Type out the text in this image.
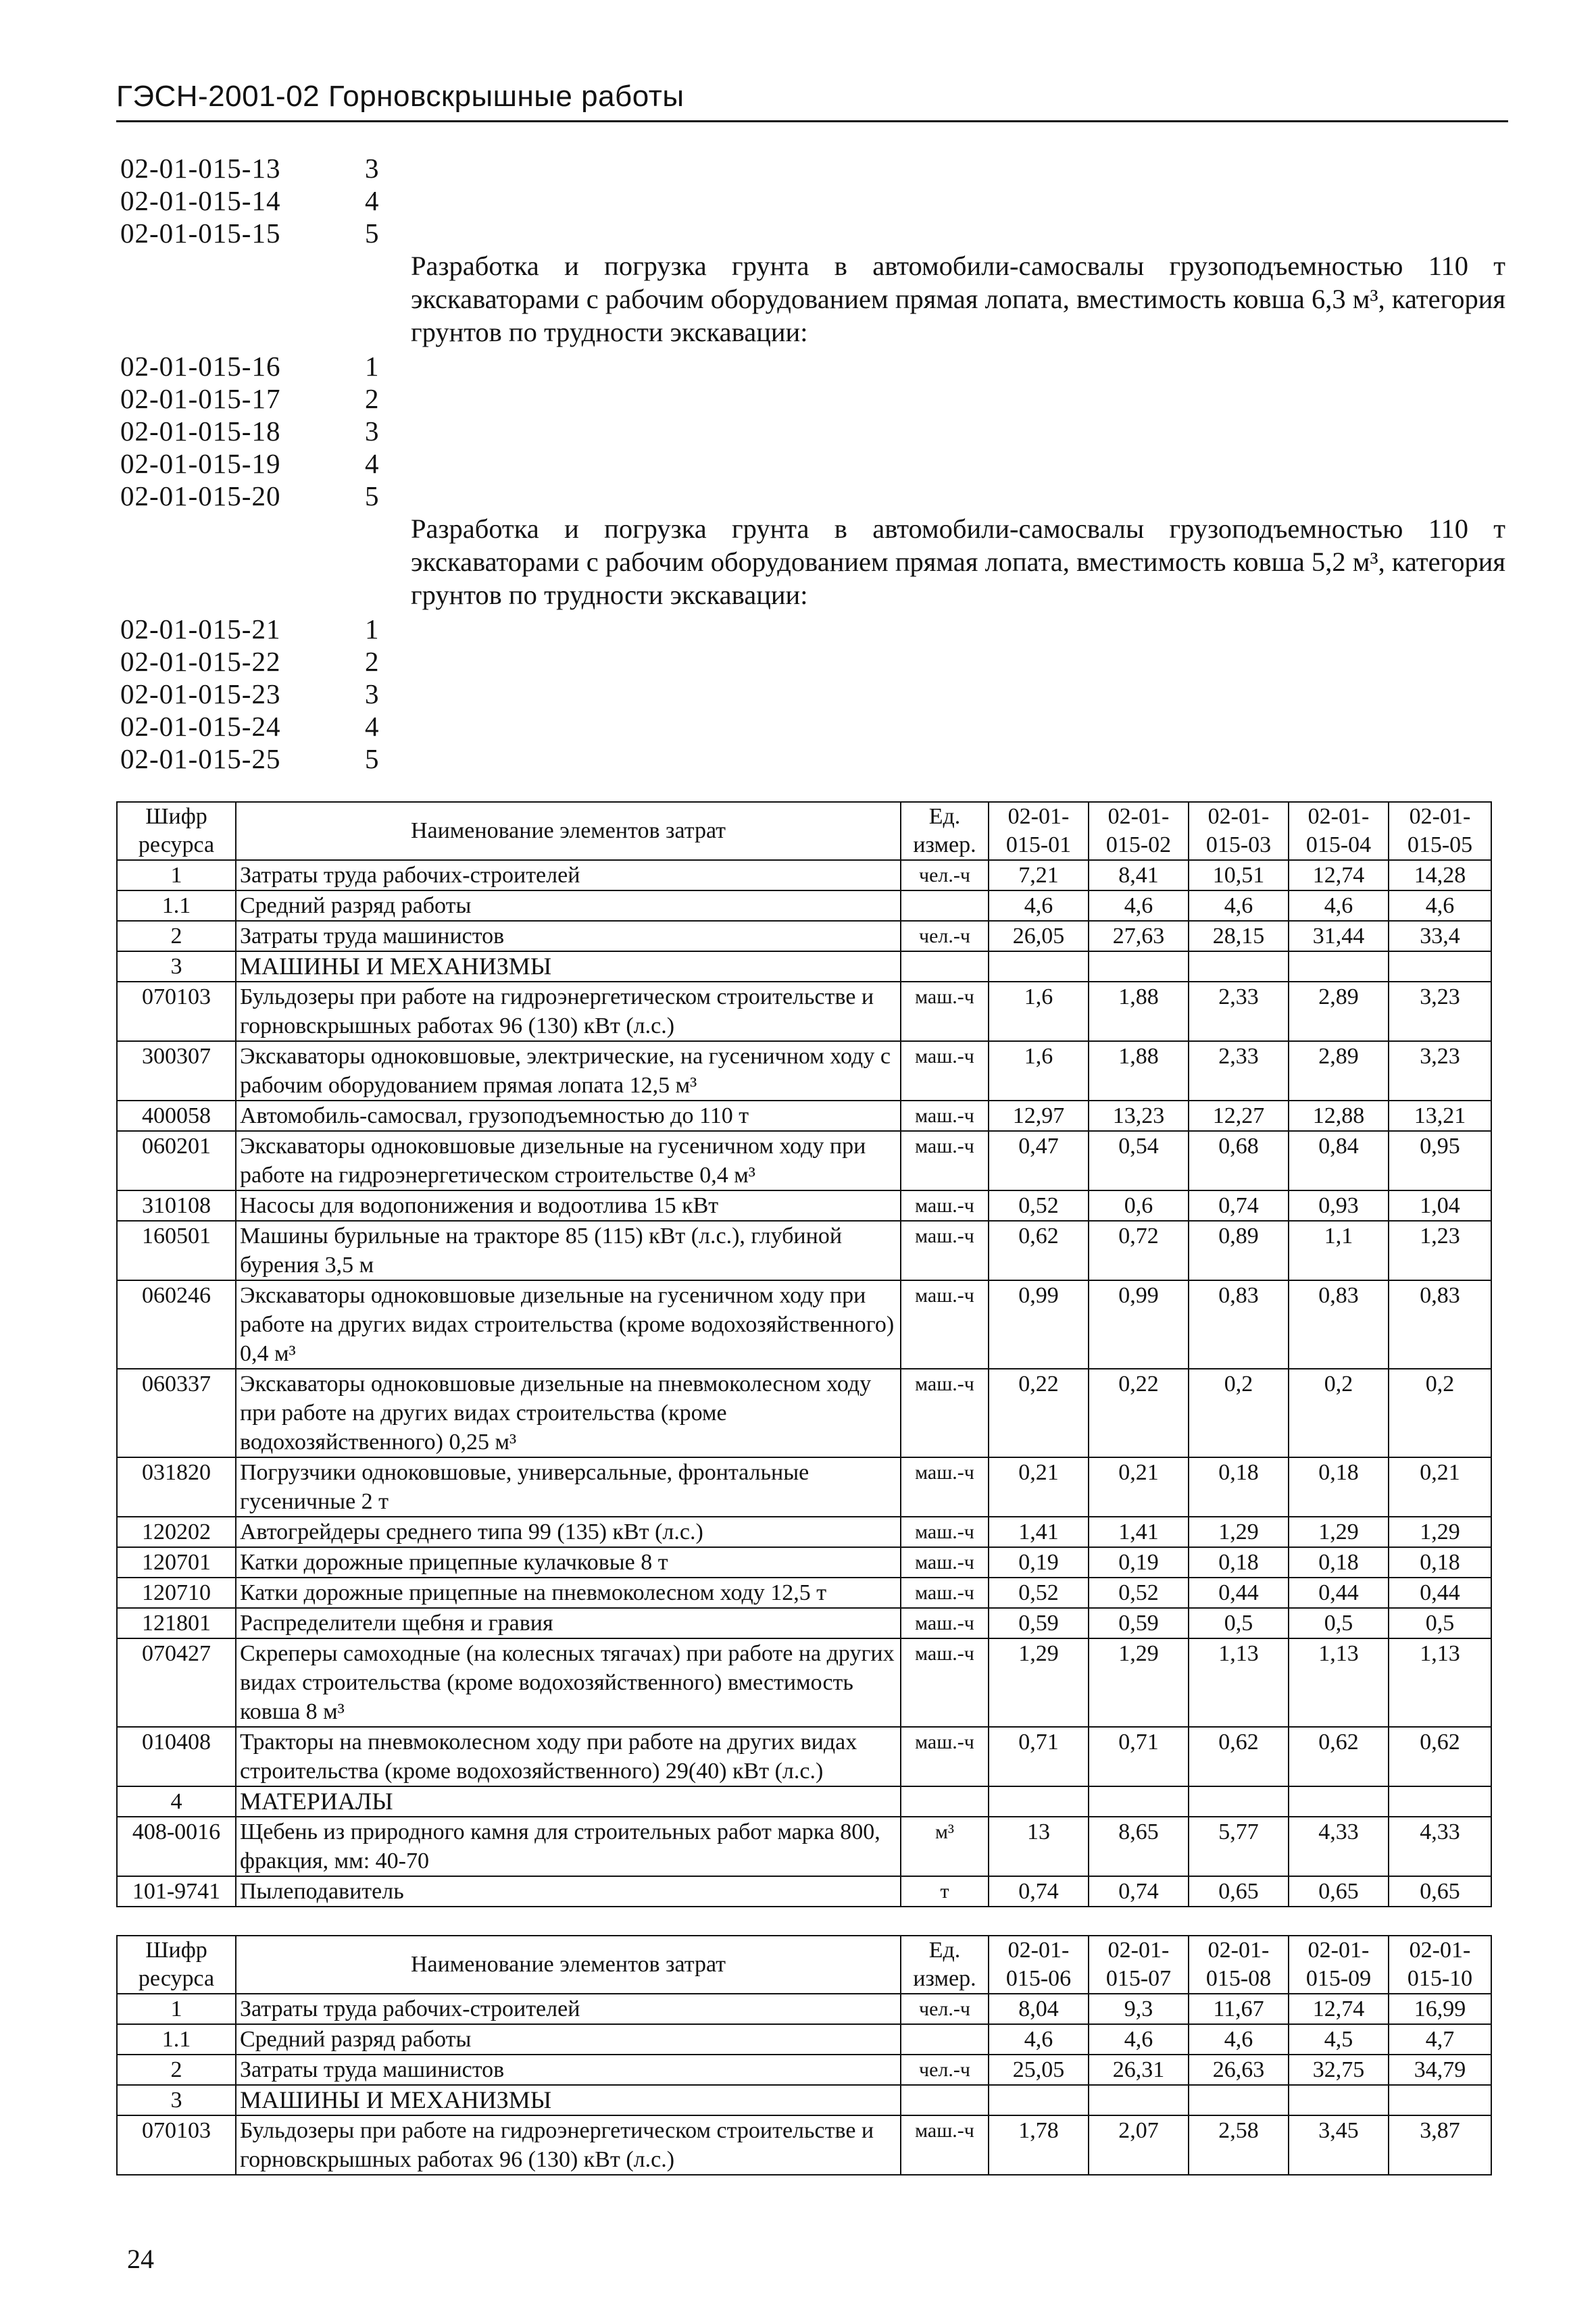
ГЭСН-2001-02 Горновскрышные работы
02-01-015-13	3
02-01-015-14	4
02-01-015-15	5
Разработка и погрузка грунта в автомобили-самосвалы грузоподъемностью 110 т экскаваторами с рабочим оборудованием прямая лопата, вместимость ковша 6,3 м³, категория грунтов по трудности экскавации:
02-01-015-16	1
02-01-015-17	2
02-01-015-18	3
02-01-015-19	4
02-01-015-20	5
Разработка и погрузка грунта в автомобили-самосвалы грузоподъемностью 110 т экскаваторами с рабочим оборудованием прямая лопата, вместимость ковша 5,2 м³, категория грунтов по трудности экскавации:
02-01-015-21	1
02-01-015-22	2
02-01-015-23	3
02-01-015-24	4
02-01-015-25	5
Шифр ресурса	Наименование элементов затрат	Ед. измер.	02-01-015-01	02-01-015-02	02-01-015-03	02-01-015-04	02-01-015-05
1	Затраты труда рабочих-строителей	чел.-ч	7,21	8,41	10,51	12,74	14,28
1.1	Средний разряд работы		4,6	4,6	4,6	4,6	4,6
2	Затраты труда машинистов	чел.-ч	26,05	27,63	28,15	31,44	33,4
3	МАШИНЫ И МЕХАНИЗМЫ						
070103	Бульдозеры при работе на гидроэнергетическом строительстве и горновскрышных работах 96 (130) кВт (л.с.)	маш.-ч	1,6	1,88	2,33	2,89	3,23
300307	Экскаваторы одноковшовые, электрические, на гусеничном ходу с рабочим оборудованием прямая лопата 12,5 м³	маш.-ч	1,6	1,88	2,33	2,89	3,23
400058	Автомобиль-самосвал, грузоподъемностью до 110 т	маш.-ч	12,97	13,23	12,27	12,88	13,21
060201	Экскаваторы одноковшовые дизельные на гусеничном ходу при работе на гидроэнергетическом строительстве 0,4 м³	маш.-ч	0,47	0,54	0,68	0,84	0,95
310108	Насосы для водопонижения и водоотлива 15 кВт	маш.-ч	0,52	0,6	0,74	0,93	1,04
160501	Машины бурильные на тракторе 85 (115) кВт (л.с.), глубиной бурения 3,5 м	маш.-ч	0,62	0,72	0,89	1,1	1,23
060246	Экскаваторы одноковшовые дизельные на гусеничном ходу при работе на других видах строительства (кроме водохозяйственного) 0,4 м³	маш.-ч	0,99	0,99	0,83	0,83	0,83
060337	Экскаваторы одноковшовые дизельные на пневмоколесном ходу при работе на других видах строительства (кроме водохозяйственного) 0,25 м³	маш.-ч	0,22	0,22	0,2	0,2	0,2
031820	Погрузчики одноковшовые, универсальные, фронтальные гусеничные 2 т	маш.-ч	0,21	0,21	0,18	0,18	0,21
120202	Автогрейдеры среднего типа 99 (135) кВт (л.с.)	маш.-ч	1,41	1,41	1,29	1,29	1,29
120701	Катки дорожные прицепные кулачковые 8 т	маш.-ч	0,19	0,19	0,18	0,18	0,18
120710	Катки дорожные прицепные на пневмоколесном ходу 12,5 т	маш.-ч	0,52	0,52	0,44	0,44	0,44
121801	Распределители щебня и гравия	маш.-ч	0,59	0,59	0,5	0,5	0,5
070427	Скреперы самоходные (на колесных тягачах) при работе на других видах строительства (кроме водохозяйственного) вместимость ковша 8 м³	маш.-ч	1,29	1,29	1,13	1,13	1,13
010408	Тракторы на пневмоколесном ходу при работе на других видах строительства (кроме водохозяйственного) 29(40) кВт (л.с.)	маш.-ч	0,71	0,71	0,62	0,62	0,62
4	МАТЕРИАЛЫ						
408-0016	Щебень из природного камня для строительных работ марка 800, фракция, мм: 40-70	м³	13	8,65	5,77	4,33	4,33
101-9741	Пылеподавитель	т	0,74	0,74	0,65	0,65	0,65
Шифр ресурса	Наименование элементов затрат	Ед. измер.	02-01-015-06	02-01-015-07	02-01-015-08	02-01-015-09	02-01-015-10
1	Затраты труда рабочих-строителей	чел.-ч	8,04	9,3	11,67	12,74	16,99
1.1	Средний разряд работы		4,6	4,6	4,6	4,5	4,7
2	Затраты труда машинистов	чел.-ч	25,05	26,31	26,63	32,75	34,79
3	МАШИНЫ И МЕХАНИЗМЫ						
070103	Бульдозеры при работе на гидроэнергетическом строительстве и горновскрышных работах 96 (130) кВт (л.с.)	маш.-ч	1,78	2,07	2,58	3,45	3,87
24
